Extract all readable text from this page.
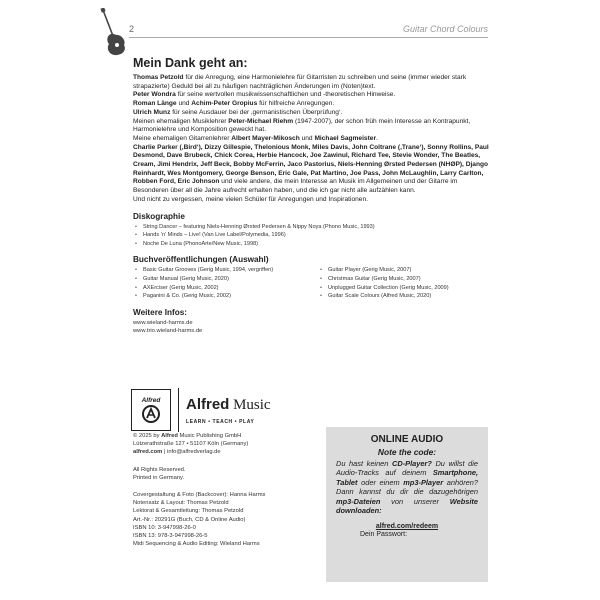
2	Guitar Chord Colours
Mein Dank geht an:

Thomas Petzold für die Anregung, eine Harmonielehre für Gitarristen zu schreiben und seine (immer wieder stark strapazierte) Geduld bei all zu häufigen nachträglichen Änderungen im (Noten)text.

Peter Wondra für seine wertvollen musikwissenschaftlichen und -theoretischen Hinweise.

Roman Länge und Achim-Peter Gropius für hilfreiche Anregungen.

Ulrich Munz für seine Ausdauer bei der ‚germanistischen Überprüfung‘.

Meinen ehemaligen Musiklehrer Peter-Michael Riehm (1947-2007), der schon früh mein Interesse an Kontrapunkt, Harmonielehre und Komposition geweckt hat.

Meine ehemaligen Gitarrenlehrer Albert Mayer-Mikosch und Michael Sagmeister.

Charlie Parker (‚Bird‘), Dizzy Gillespie, Thelonious Monk, Miles Davis, John Coltrane (‚Trane‘), Sonny Rollins, Paul Desmond, Dave Brubeck, Chick Corea, Herbie Hancock, Joe Zawinul, Richard Tee, Stevie Wonder, The Beatles, Cream, Jimi Hendrix, Jeff Beck, Bobby McFerrin, Jaco Pastorius, Niels-Henning Ørsted Pedersen (NHØP), Django Reinhardt, Wes Montgomery, George Benson, Eric Gale, Pat Martino, Joe Pass, John McLaughlin, Larry Carlton, Robben Ford, Eric Johnson und viele andere, die mein Interesse an Musik im Allgemeinen und der Gitarre im Besonderen über all die Jahre aufrecht erhalten haben, und die ich gar nicht alle aufzählen kann.

Und nicht zu vergessen, meine vielen Schüler für Anregungen und Inspirationen.

Diskographie
• String Dancer – featuring Niels-Henning Ørsted Pedersen & Nippy Noya (Phono Music, 1993)
• Hands ‘n’ Minds – Live! (Van Live Label/Polymedia, 1996)
• Noche De Luna (PhonoArte/New Music, 1998)
Buchveröffentlichungen (Auswahl)
• Basic Guitar Grooves (Gerig Music, 1994, vergriffen)
• Guitar Manual (Gerig Music, 2020)
• AXErciser (Gerig Music, 2002)
• Paganini & Co. (Gerig Music, 2002)
• Guitar Player (Gerig Music, 2007)
• Christmas Guitar (Gerig Music, 2007)
• Unplugged Guitar Collection (Gerig Music, 2009)
• Guitar Scale Colours (Alfred Music, 2020)
Weitere Infos:
www.wieland-harms.de
www.trio.wieland-harms.de
Alfred Alfred Music
LEARN • TEACH • PLAY
© 2025 by Alfred Music Publishing GmbH
Lützerathstraße 127 • 51107 Köln (Germany)
alfred.com | info@alfredverlag.de
All Rights Reserved.
Printed in Germany.
Covergestaltung & Foto (Backcover): Hanna Harms
Notensatz & Layout: Thomas Petzold
Lektorat & Gesamtleitung: Thomas Petzold
Art.-Nr.: 20291G (Buch, CD & Online Audio)
ISBN 10: 3-947998-26-0
ISBN 13: 978-3-947998-26-5
Midi Sequencing & Audio Editing: Wieland Harms
ONLINE AUDIO
Note the code:
Du hast keinen CD-Player? Du willst die Audio-Tracks auf deinem Smartphone, Tablet oder einem mp3-Player anhören? Dann kannst du dir die dazugehörigen mp3-Dateien von unserer Website downloaden:
alfred.com/redeem
Dein Passwort:
